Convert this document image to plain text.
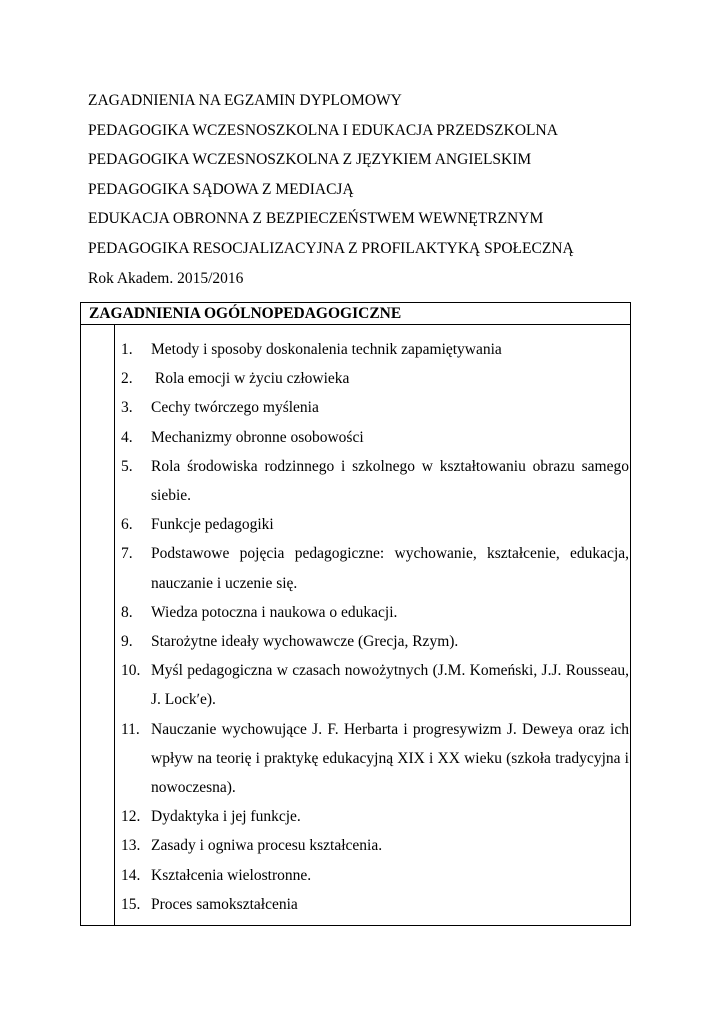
ZAGADNIENIA NA EGZAMIN DYPLOMOWY
PEDAGOGIKA WCZESNOSZKOLNA I EDUKACJA PRZEDSZKOLNA
PEDAGOGIKA WCZESNOSZKOLNA Z JĘZYKIEM ANGIELSKIM
PEDAGOGIKA SĄDOWA Z MEDIACJĄ
EDUKACJA OBRONNA Z BEZPIECZEŃSTWEM WEWNĘTRZNYM
PEDAGOGIKA RESOCJALIZACYJNA Z PROFILAKTYKĄ SPOŁECZNĄ
Rok Akadem. 2015/2016
ZAGADNIENIA OGÓLNOPEDAGOGICZNE
1.	Metody i sposoby doskonalenia technik zapamiętywania
2.	Rola emocji w życiu człowieka
3.	Cechy twórczego myślenia
4.	Mechanizmy obronne osobowości
5.	Rola środowiska rodzinnego i szkolnego w kształtowaniu obrazu samego siebie.
6.	Funkcje pedagogiki
7.	Podstawowe pojęcia pedagogiczne: wychowanie, kształcenie, edukacja, nauczanie i uczenie się.
8.	Wiedza potoczna i naukowa o edukacji.
9.	Starożytne ideały wychowawcze (Grecja, Rzym).
10. Myśl pedagogiczna w czasach nowożytnych (J.M. Komeński, J.J. Rousseau, J. Lockʹe).
11. Nauczanie wychowujące J. F. Herbarta i progresywizm J. Deweya oraz ich wpływ na teorię i praktykę edukacyjną XIX i XX wieku (szkoła tradycyjna i nowoczesna).
12. Dydaktyka i jej funkcje.
13. Zasady i ogniwa procesu kształcenia.
14. Kształcenia wielostronne.
15. Proces samokształcenia
